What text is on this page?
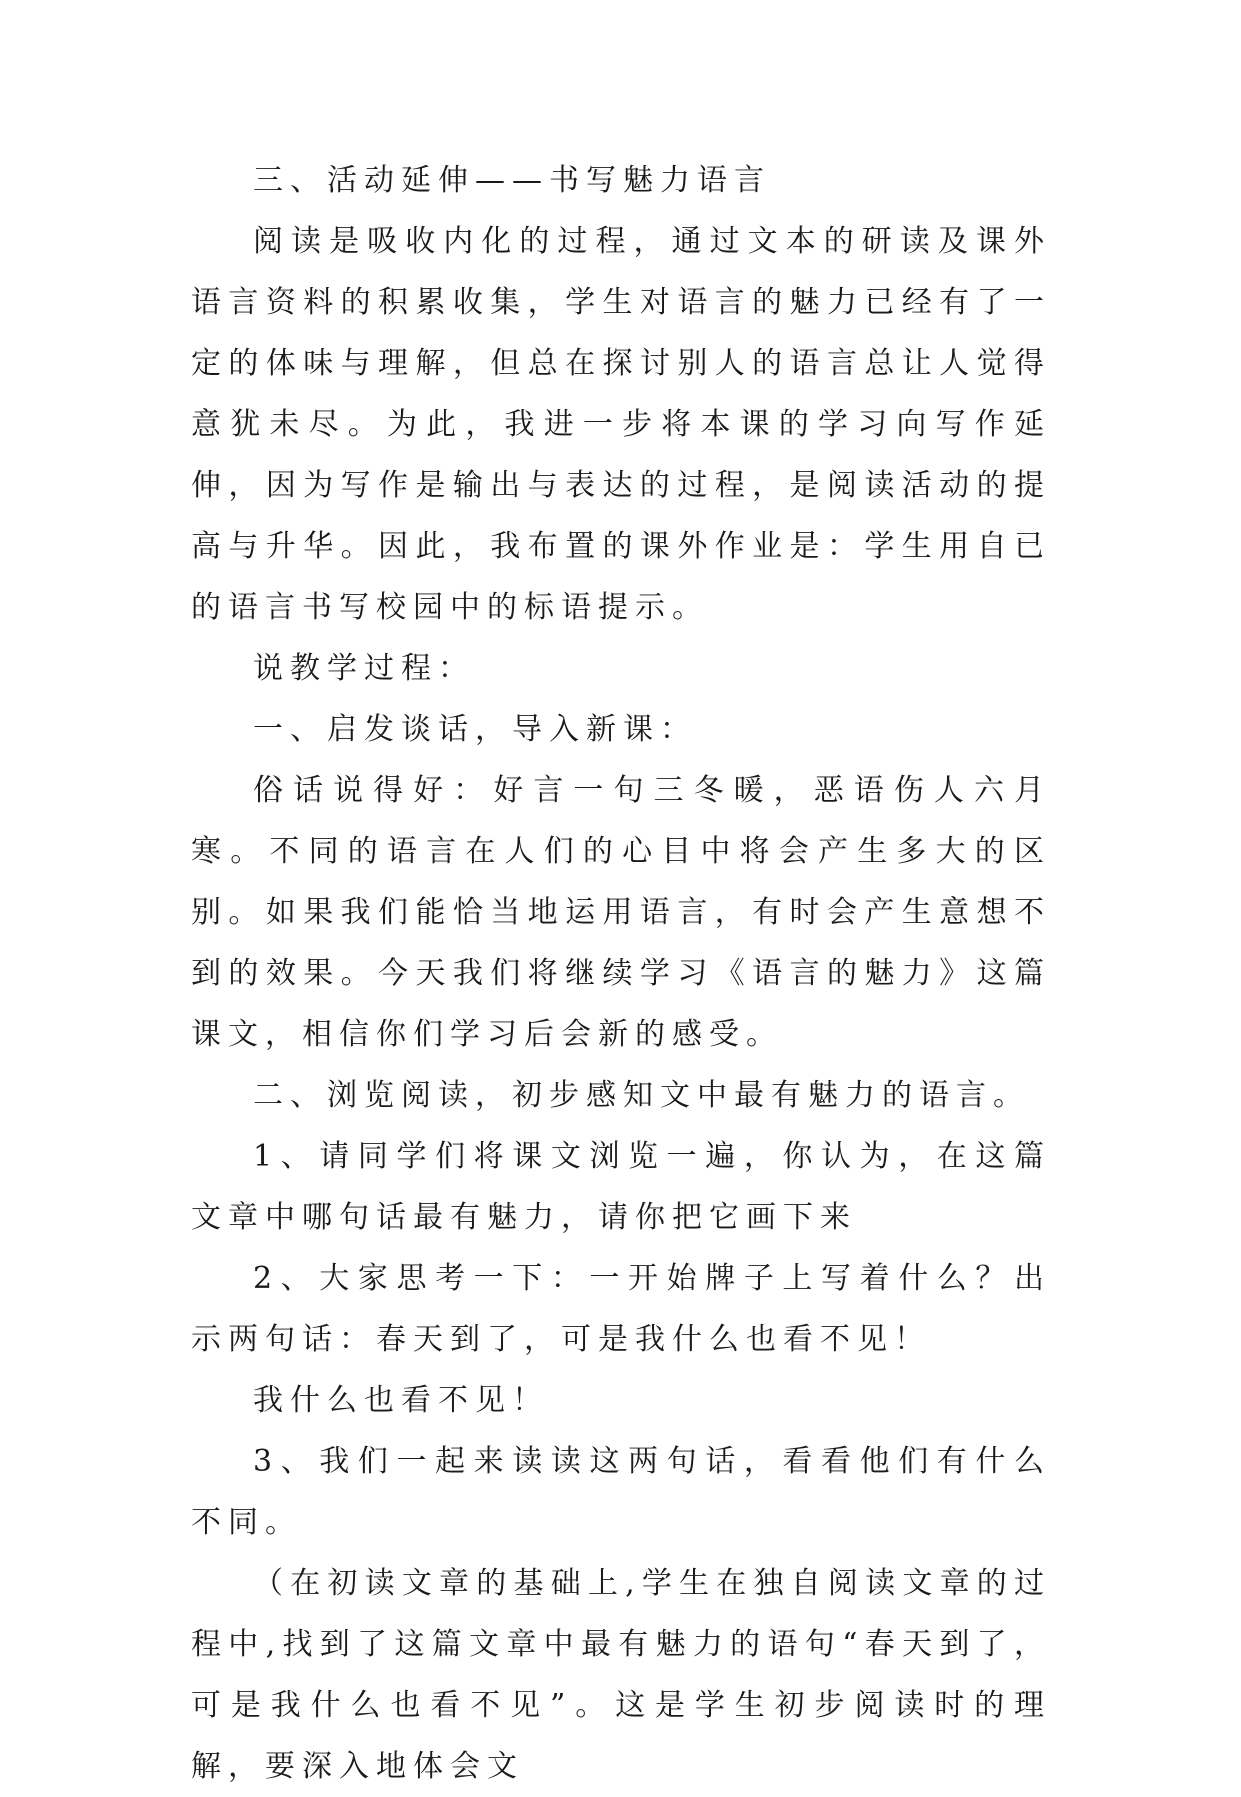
三、活动延伸——书写魅力语言

阅读是吸收内化的过程，通过文本的研读及课外语言资料的积累收集，学生对语言的魅力已经有了一定的体味与理解，但总在探讨别人的语言总让人觉得意犹未尽。为此，我进一步将本课的学习向写作延伸，因为写作是输出与表达的过程，是阅读活动的提高与升华。因此，我布置的课外作业是：学生用自已的语言书写校园中的标语提示。

说教学过程：

一、启发谈话，导入新课：

俗话说得好：好言一句三冬暖，恶语伤人六月寒。不同的语言在人们的心目中将会产生多大的区别。如果我们能恰当地运用语言，有时会产生意想不到的效果。今天我们将继续学习《语言的魅力》这篇课文，相信你们学习后会新的感受。

二、浏览阅读，初步感知文中最有魅力的语言。

1、请同学们将课文浏览一遍，你认为，在这篇文章中哪句话最有魅力，请你把它画下来

2、大家思考一下：一开始牌子上写着什么？出示两句话：春天到了，可是我什么也看不见！

我什么也看不见！

3、我们一起来读读这两句话，看看他们有什么不同。

（在初读文章的基础上,学生在独自阅读文章的过程中,找到了这篇文章中最有魅力的语句“春天到了，可是我什么也看不见”。这是学生初步阅读时的理解，要深入地体会文
